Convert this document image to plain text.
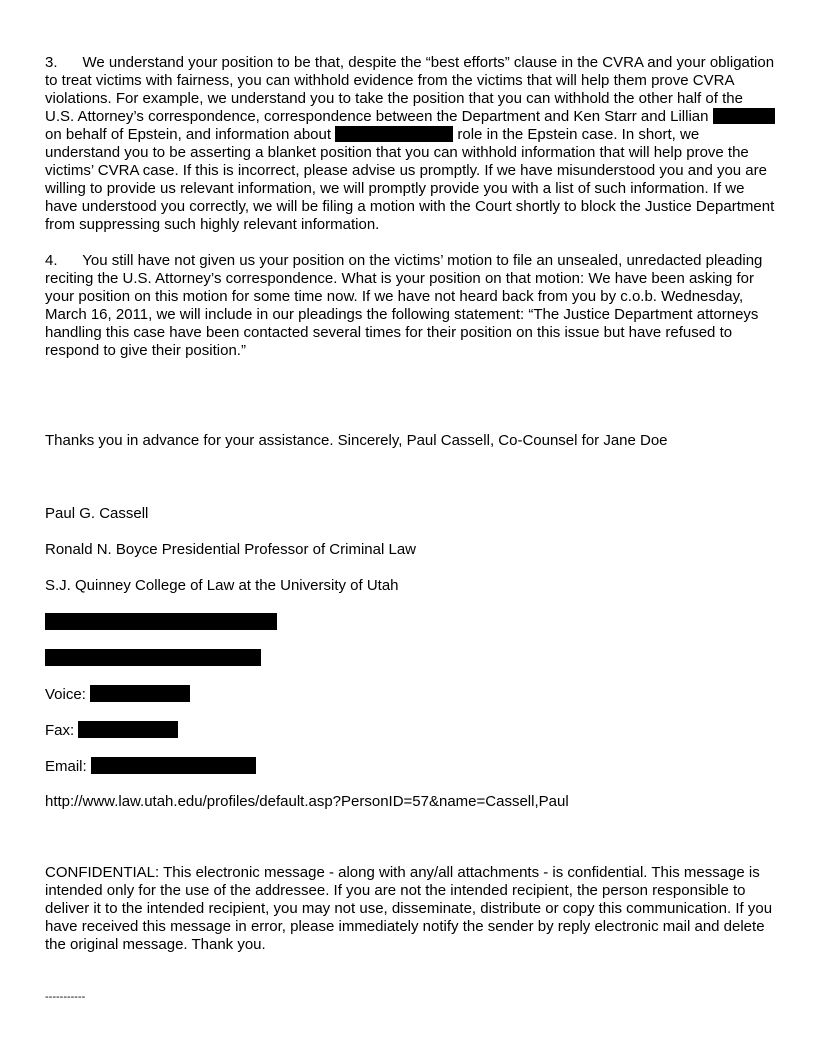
3. We understand your position to be that, despite the “best efforts” clause in the CVRA and your obligation to treat victims with fairness, you can withhold evidence from the victims that will help them prove CVRA violations. For example, we understand you to take the position that you can withhold the other half of the U.S. Attorney’s correspondence, correspondence between the Department and Ken Starr and Lillian  on behalf of Epstein, and information about	role in the Epstein case. In short, we understand you to be asserting a blanket position that you can withhold information that will help prove the victims’ CVRA case. If this is incorrect, please advise us promptly. If we have misunderstood you and you are willing to provide us relevant information, we will promptly provide you with a list of such information. If we have understood you correctly, we will be filing a motion with the Court shortly to block the Justice Department from suppressing such highly relevant information.

4. You still have not given us your position on the victims’ motion to file an unsealed, unredacted pleading reciting the U.S. Attorney’s correspondence. What is your position on that motion: We have been asking for your position on this motion for some time now. If we have not heard back from you by c.o.b. Wednesday, March 16, 2011, we will include in our pleadings the following statement: “The Justice Department attorneys handling this case have been contacted several times for their position on this issue but have refused to respond to give their position.”

Thanks you in advance for your assistance. Sincerely, Paul Cassell, Co-Counsel for Jane Doe
Paul G. Cassell
Ronald N. Boyce Presidential Professor of Criminal Law
S.J. Quinney College of Law at the University of Utah
Voice:
Fax:
Email:
http://www.law.utah.edu/profiles/default.asp?PersonID=57&name=Cassell,Paul
CONFIDENTIAL: This electronic message - along with any/all attachments - is confidential. This message is intended only for the use of the addressee. If you are not the intended recipient, the person responsible to deliver it to the intended recipient, you may not use, disseminate, distribute or copy this communication. If you have received this message in error, please immediately notify the sender by reply electronic mail and delete the original message. Thank you.
-----------
